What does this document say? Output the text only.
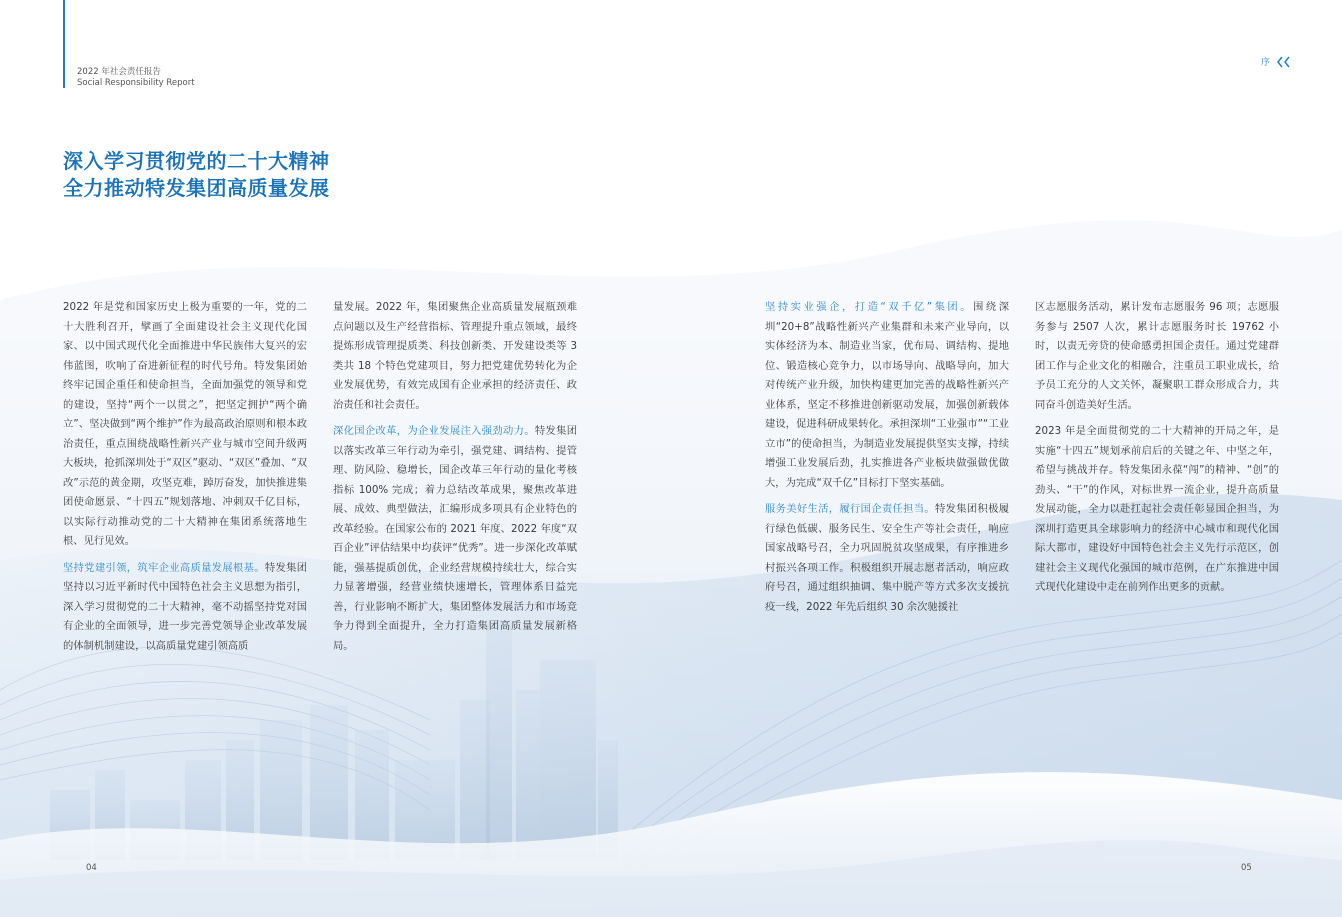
2022 年社会责任报告
Social Responsibility Report
序
深入学习贯彻党的二十大精神
全力推动特发集团高质量发展

2022 年是党和国家历史上极为重要的一年，党的二十大胜利召开，擘画了全面建设社会主义现代化国家、以中国式现代化全面推进中华民族伟大复兴的宏伟蓝图，吹响了奋进新征程的时代号角。特发集团始终牢记国企重任和使命担当，全面加强党的领导和党的建设，坚持“两个一以贯之”，把坚定拥护“两个确立”、坚决做到“两个维护”作为最高政治原则和根本政治责任，重点围绕战略性新兴产业与城市空间升级两大板块，抢抓深圳处于“双区”驱动、“双区”叠加、“双改”示范的黄金期，攻坚克难，踔厉奋发，加快推进集团使命愿景、“十四五”规划落地、冲刺双千亿目标，以实际行动推动党的二十大精神在集团系统落地生根、见行见效。

坚持党建引领，筑牢企业高质量发展根基。特发集团坚持以习近平新时代中国特色社会主义思想为指引，深入学习贯彻党的二十大精神，毫不动摇坚持党对国有企业的全面领导，进一步完善党领导企业改革发展的体制机制建设，以高质量党建引领高质

量发展。2022 年，集团聚焦企业高质量发展瓶颈难点问题以及生产经营指标、管理提升重点领域，最终提炼形成管理提质类、科技创新类、开发建设类等 3 类共 18 个特色党建项目，努力把党建优势转化为企业发展优势，有效完成国有企业承担的经济责任、政治责任和社会责任。

深化国企改革，为企业发展注入强劲动力。特发集团以落实改革三年行动为牵引，强党建、调结构、提管理、防风险、稳增长，国企改革三年行动的量化考核指标 100% 完成；着力总结改革成果，聚焦改革进展、成效、典型做法，汇编形成多项具有企业特色的改革经验。在国家公布的 2021 年度、2022 年度“双百企业”评估结果中均获评“优秀”。进一步深化改革赋能，强基提质创优，企业经营规模持续壮大，综合实力显著增强，经营业绩快速增长，管理体系日益完善，行业影响不断扩大，集团整体发展活力和市场竞争力得到全面提升，全力打造集团高质量发展新格局。

坚持实业强企，打造“双千亿”集团。围绕深圳“20+8”战略性新兴产业集群和未来产业导向，以实体经济为本、制造业当家，优布局、调结构、提地位、锻造核心竞争力，以市场导向、战略导向，加大对传统产业升级，加快构建更加完善的战略性新兴产业体系，坚定不移推进创新驱动发展，加强创新载体建设，促进科研成果转化。承担深圳“工业强市”“工业立市”的使命担当，为制造业发展提供坚实支撑，持续增强工业发展后劲，扎实推进各产业板块做强做优做大，为完成“双千亿”目标打下坚实基础。

服务美好生活，履行国企责任担当。特发集团积极履行绿色低碳、服务民生、安全生产等社会责任，响应国家战略号召，全力巩固脱贫攻坚成果，有序推进乡村振兴各项工作。积极组织开展志愿者活动，响应政府号召，通过组织抽调、集中脱产等方式多次支援抗疫一线，2022 年先后组织 30 余次驰援社

区志愿服务活动，累计发布志愿服务 96 项；志愿服务参与 2507 人次，累计志愿服务时长 19762 小时，以责无旁贷的使命感勇担国企责任。通过党建群团工作与企业文化的相融合，注重员工职业成长，给予员工充分的人文关怀，凝聚职工群众形成合力，共同奋斗创造美好生活。

2023 年是全面贯彻党的二十大精神的开局之年，是实施“十四五”规划承前启后的关键之年、中坚之年，希望与挑战并存。特发集团永葆“闯”的精神、“创”的劲头、“干”的作风，对标世界一流企业，提升高质量发展动能，全力以赴扛起社会责任彰显国企担当，为深圳打造更具全球影响力的经济中心城市和现代化国际大都市，建设好中国特色社会主义先行示范区，创建社会主义现代化强国的城市范例，在广东推进中国式现代化建设中走在前列作出更多的贡献。

04	05
